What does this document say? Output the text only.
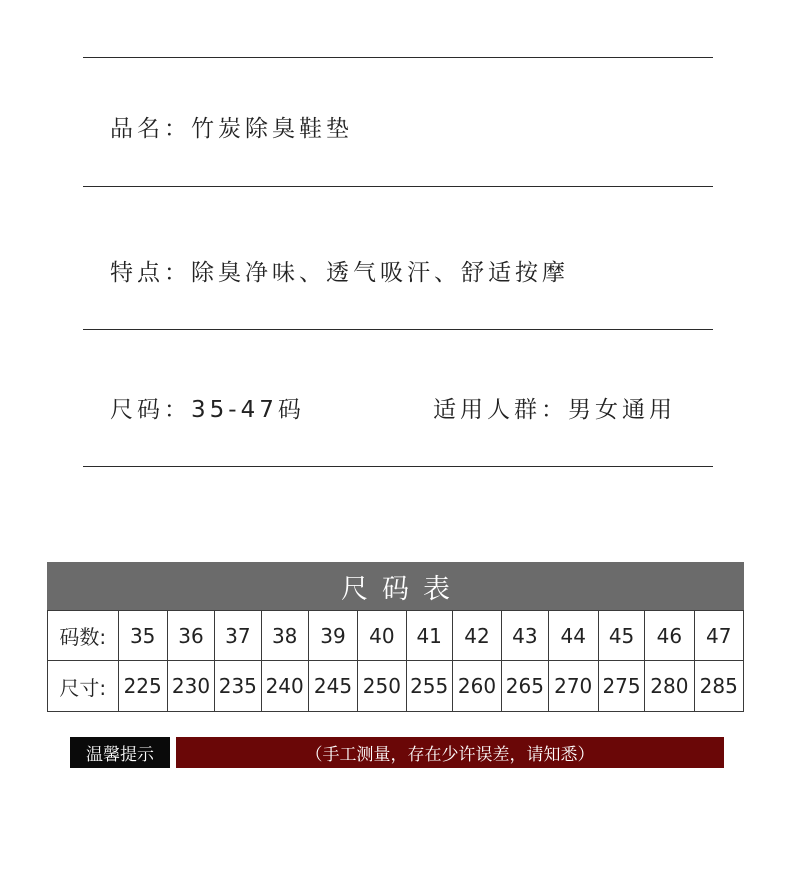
品名：竹炭除臭鞋垫
特点：除臭净味、透气吸汗、舒适按摩
尺码：35-47码	适用人群：男女通用
尺码表
码数:	35	36	37	38	39	40	41	42	43	44	45	46	47
尺寸:	225	230	235	240	245	250	255	260	265	270	275	280	285
温馨提示	（手工测量，存在少许误差，请知悉）
